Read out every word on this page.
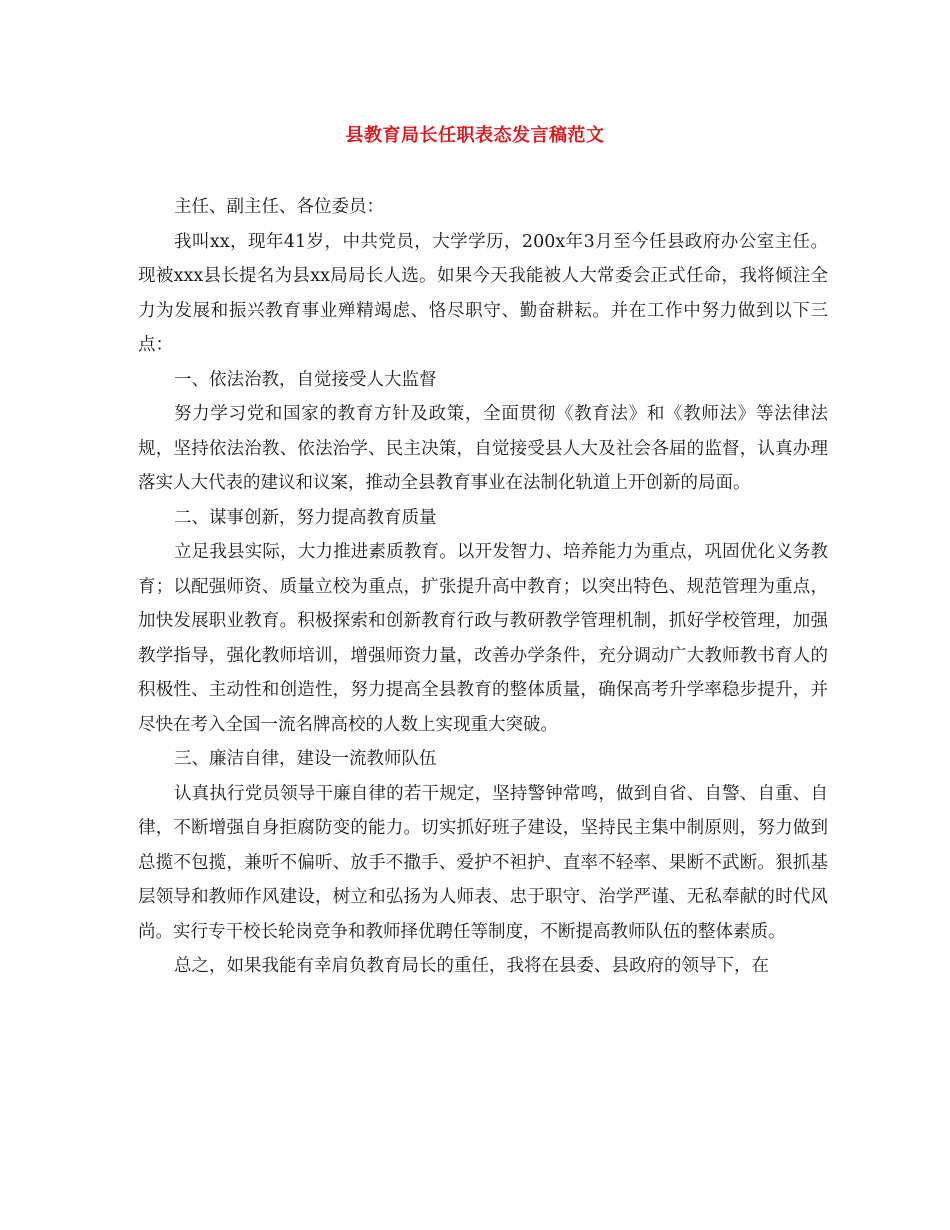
县教育局长任职表态发言稿范文

主任、副主任、各位委员：

我叫xx，现年41岁，中共党员，大学学历，200x年3月至今任县政府办公室主任。现被xxx县长提名为县xx局局长人选。如果今天我能被人大常委会正式任命，我将倾注全力为发展和振兴教育事业殚精竭虑、恪尽职守、勤奋耕耘。并在工作中努力做到以下三点：

一、依法治教，自觉接受人大监督

努力学习党和国家的教育方针及政策，全面贯彻《教育法》和《教师法》等法律法规，坚持依法治教、依法治学、民主决策，自觉接受县人大及社会各届的监督，认真办理落实人大代表的建议和议案，推动全县教育事业在法制化轨道上开创新的局面。

二、谋事创新，努力提高教育质量

立足我县实际，大力推进素质教育。以开发智力、培养能力为重点，巩固优化义务教育；以配强师资、质量立校为重点，扩张提升高中教育；以突出特色、规范管理为重点，加快发展职业教育。积极探索和创新教育行政与教研教学管理机制，抓好学校管理，加强教学指导，强化教师培训，增强师资力量，改善办学条件，充分调动广大教师教书育人的积极性、主动性和创造性，努力提高全县教育的整体质量，确保高考升学率稳步提升，并尽快在考入全国一流名牌高校的人数上实现重大突破。

三、廉洁自律，建设一流教师队伍

认真执行党员领导干廉自律的若干规定，坚持警钟常鸣，做到自省、自警、自重、自律，不断增强自身拒腐防变的能力。切实抓好班子建设，坚持民主集中制原则，努力做到总揽不包揽，兼听不偏听、放手不撒手、爱护不袒护、直率不轻率、果断不武断。狠抓基层领导和教师作风建设，树立和弘扬为人师表、忠于职守、治学严谨、无私奉献的时代风尚。实行专干校长轮岗竞争和教师择优聘任等制度，不断提高教师队伍的整体素质。

总之，如果我能有幸肩负教育局长的重任，我将在县委、县政府的领导下，在
